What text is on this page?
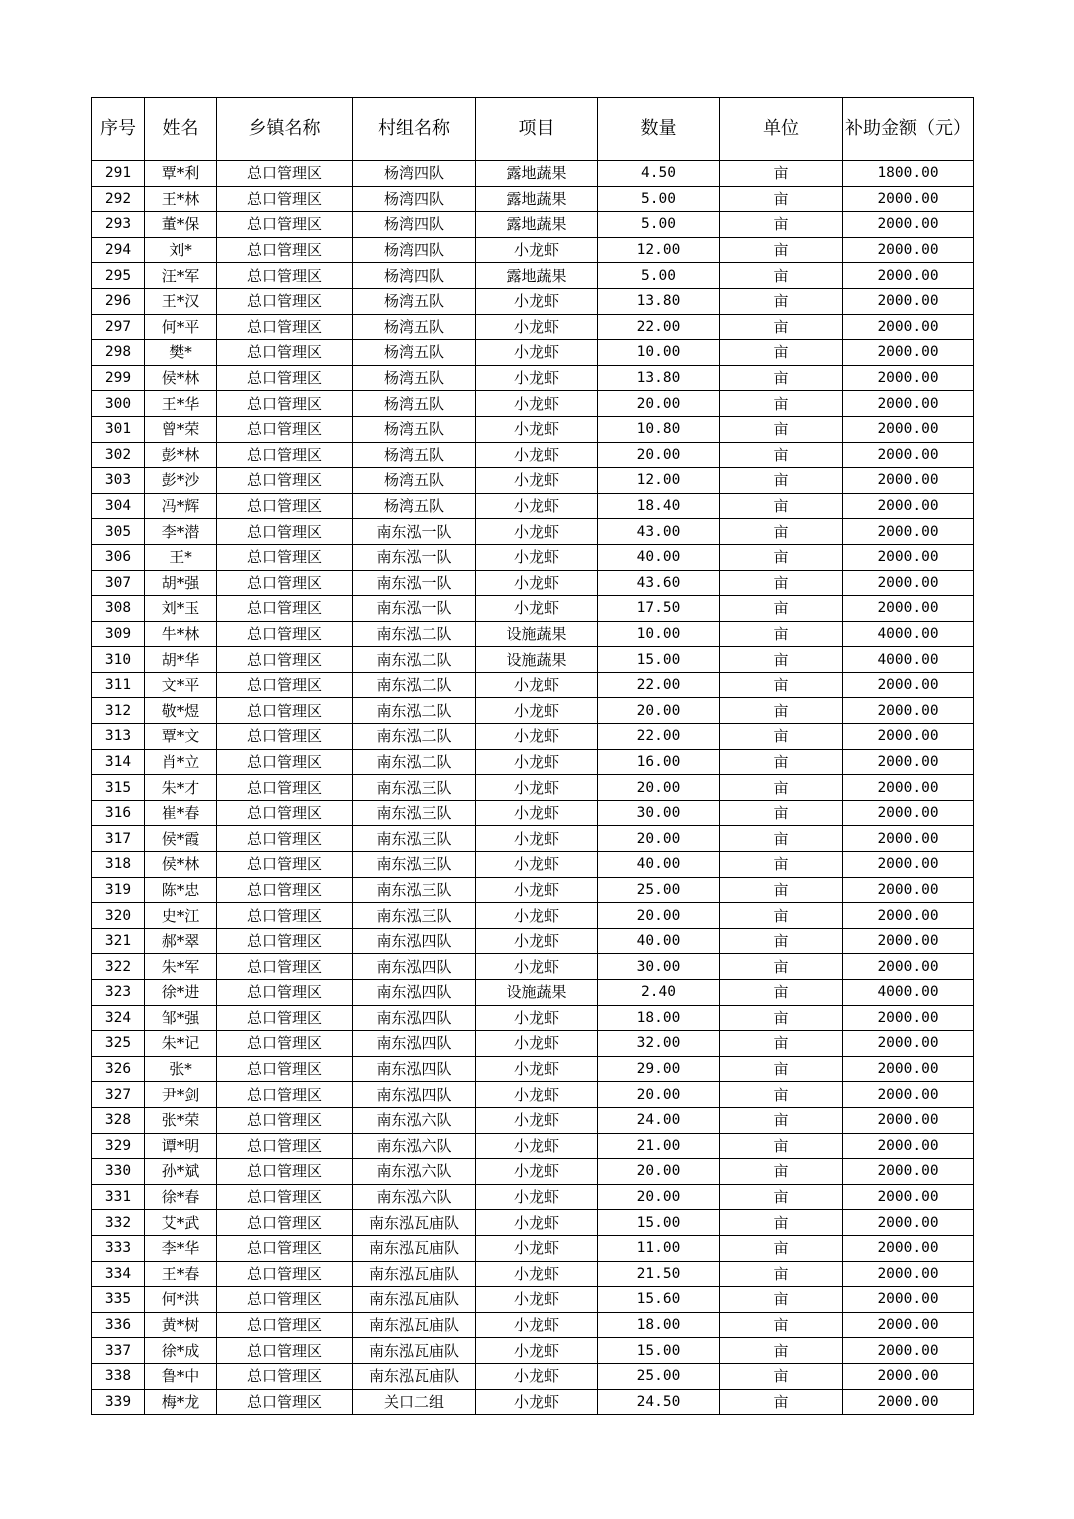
序号	姓名	乡镇名称	村组名称	项目	数量	单位	补助金额（元）
291	覃*利	总口管理区	杨湾四队	露地蔬果	4.50	亩	1800.00
292	王*林	总口管理区	杨湾四队	露地蔬果	5.00	亩	2000.00
293	董*保	总口管理区	杨湾四队	露地蔬果	5.00	亩	2000.00
294	刘*	总口管理区	杨湾四队	小龙虾	12.00	亩	2000.00
295	汪*军	总口管理区	杨湾四队	露地蔬果	5.00	亩	2000.00
296	王*汉	总口管理区	杨湾五队	小龙虾	13.80	亩	2000.00
297	何*平	总口管理区	杨湾五队	小龙虾	22.00	亩	2000.00
298	樊*	总口管理区	杨湾五队	小龙虾	10.00	亩	2000.00
299	侯*林	总口管理区	杨湾五队	小龙虾	13.80	亩	2000.00
300	王*华	总口管理区	杨湾五队	小龙虾	20.00	亩	2000.00
301	曾*荣	总口管理区	杨湾五队	小龙虾	10.80	亩	2000.00
302	彭*林	总口管理区	杨湾五队	小龙虾	20.00	亩	2000.00
303	彭*沙	总口管理区	杨湾五队	小龙虾	12.00	亩	2000.00
304	冯*辉	总口管理区	杨湾五队	小龙虾	18.40	亩	2000.00
305	李*潜	总口管理区	南东泓一队	小龙虾	43.00	亩	2000.00
306	王*	总口管理区	南东泓一队	小龙虾	40.00	亩	2000.00
307	胡*强	总口管理区	南东泓一队	小龙虾	43.60	亩	2000.00
308	刘*玉	总口管理区	南东泓一队	小龙虾	17.50	亩	2000.00
309	牛*林	总口管理区	南东泓二队	设施蔬果	10.00	亩	4000.00
310	胡*华	总口管理区	南东泓二队	设施蔬果	15.00	亩	4000.00
311	文*平	总口管理区	南东泓二队	小龙虾	22.00	亩	2000.00
312	敬*煜	总口管理区	南东泓二队	小龙虾	20.00	亩	2000.00
313	覃*文	总口管理区	南东泓二队	小龙虾	22.00	亩	2000.00
314	肖*立	总口管理区	南东泓二队	小龙虾	16.00	亩	2000.00
315	朱*才	总口管理区	南东泓三队	小龙虾	20.00	亩	2000.00
316	崔*春	总口管理区	南东泓三队	小龙虾	30.00	亩	2000.00
317	侯*霞	总口管理区	南东泓三队	小龙虾	20.00	亩	2000.00
318	侯*林	总口管理区	南东泓三队	小龙虾	40.00	亩	2000.00
319	陈*忠	总口管理区	南东泓三队	小龙虾	25.00	亩	2000.00
320	史*江	总口管理区	南东泓三队	小龙虾	20.00	亩	2000.00
321	郝*翠	总口管理区	南东泓四队	小龙虾	40.00	亩	2000.00
322	朱*军	总口管理区	南东泓四队	小龙虾	30.00	亩	2000.00
323	徐*进	总口管理区	南东泓四队	设施蔬果	2.40	亩	4000.00
324	邹*强	总口管理区	南东泓四队	小龙虾	18.00	亩	2000.00
325	朱*记	总口管理区	南东泓四队	小龙虾	32.00	亩	2000.00
326	张*	总口管理区	南东泓四队	小龙虾	29.00	亩	2000.00
327	尹*剑	总口管理区	南东泓四队	小龙虾	20.00	亩	2000.00
328	张*荣	总口管理区	南东泓六队	小龙虾	24.00	亩	2000.00
329	谭*明	总口管理区	南东泓六队	小龙虾	21.00	亩	2000.00
330	孙*斌	总口管理区	南东泓六队	小龙虾	20.00	亩	2000.00
331	徐*春	总口管理区	南东泓六队	小龙虾	20.00	亩	2000.00
332	艾*武	总口管理区	南东泓瓦庙队	小龙虾	15.00	亩	2000.00
333	李*华	总口管理区	南东泓瓦庙队	小龙虾	11.00	亩	2000.00
334	王*春	总口管理区	南东泓瓦庙队	小龙虾	21.50	亩	2000.00
335	何*洪	总口管理区	南东泓瓦庙队	小龙虾	15.60	亩	2000.00
336	黄*树	总口管理区	南东泓瓦庙队	小龙虾	18.00	亩	2000.00
337	徐*成	总口管理区	南东泓瓦庙队	小龙虾	15.00	亩	2000.00
338	鲁*中	总口管理区	南东泓瓦庙队	小龙虾	25.00	亩	2000.00
339	梅*龙	总口管理区	关口二组	小龙虾	24.50	亩	2000.00
